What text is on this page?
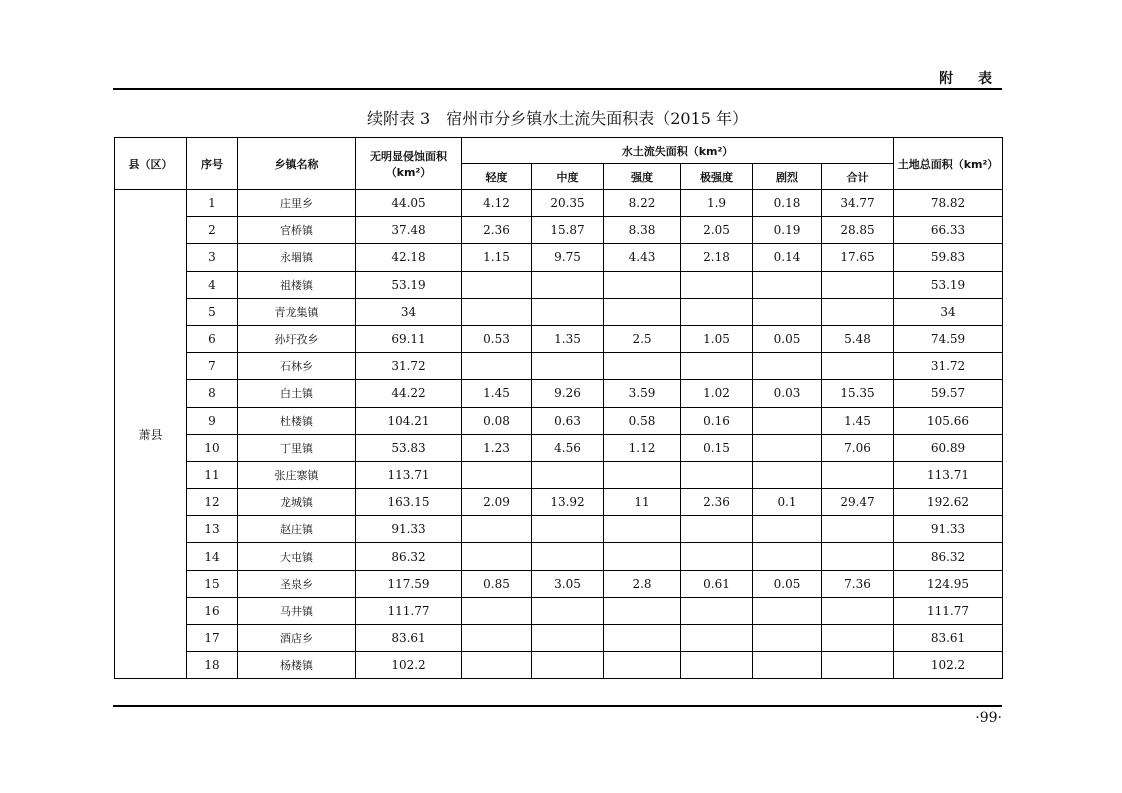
附 表
续附表 3　宿州市分乡镇水土流失面积表（2015 年）
县（区）	序号	乡镇名称	无明显侵蚀面积（km²）	水土流失面积（km²）						土地总面积（km²）
				轻度	中度	强度	极强度	剧烈	合计	
萧县	1	庄里乡	44.05	4.12	20.35	8.22	1.9	0.18	34.77	78.82
	2	官桥镇	37.48	2.36	15.87	8.38	2.05	0.19	28.85	66.33
	3	永堌镇	42.18	1.15	9.75	4.43	2.18	0.14	17.65	59.83
	4	祖楼镇	53.19							53.19
	5	青龙集镇	34							34
	6	孙圩孜乡	69.11	0.53	1.35	2.5	1.05	0.05	5.48	74.59
	7	石林乡	31.72							31.72
	8	白土镇	44.22	1.45	9.26	3.59	1.02	0.03	15.35	59.57
	9	杜楼镇	104.21	0.08	0.63	0.58	0.16		1.45	105.66
	10	丁里镇	53.83	1.23	4.56	1.12	0.15		7.06	60.89
	11	张庄寨镇	113.71							113.71
	12	龙城镇	163.15	2.09	13.92	11	2.36	0.1	29.47	192.62
	13	赵庄镇	91.33							91.33
	14	大屯镇	86.32							86.32
	15	圣泉乡	117.59	0.85	3.05	2.8	0.61	0.05	7.36	124.95
	16	马井镇	111.77							111.77
	17	酒店乡	83.61							83.61
	18	杨楼镇	102.2							102.2
·99·
